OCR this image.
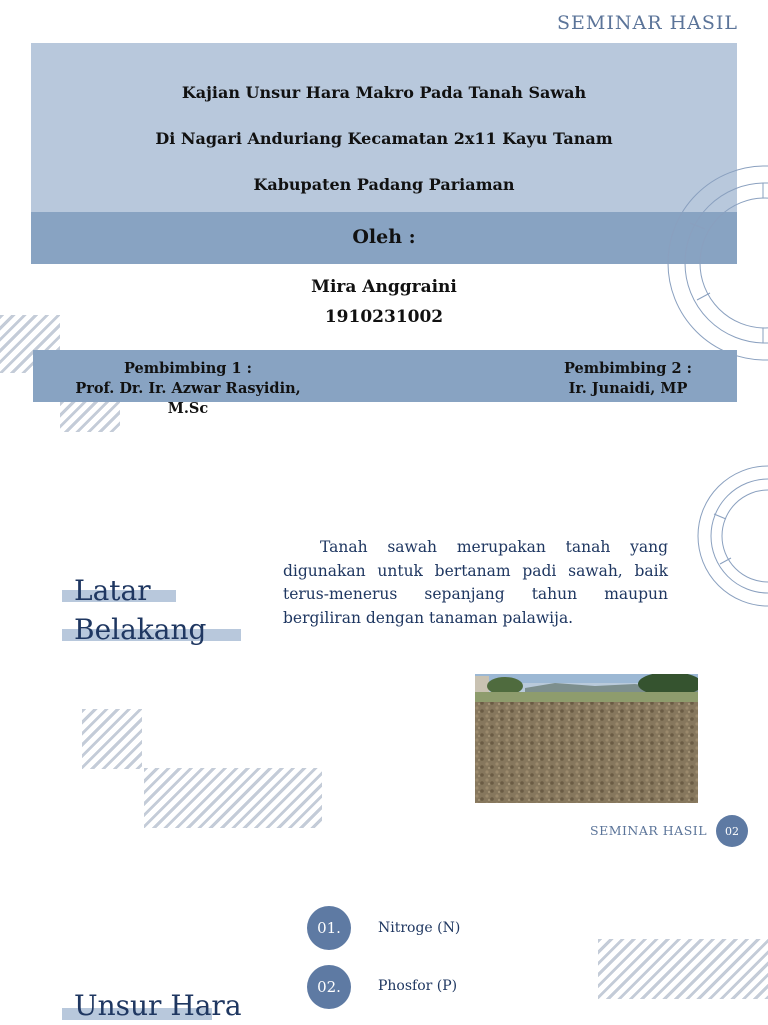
SEMINAR HASIL
Kajian Unsur Hara Makro Pada Tanah Sawah
Di Nagari Anduriang Kecamatan 2x11 Kayu Tanam
Kabupaten Padang Pariaman
Oleh :
Mira Anggraini
1910231002
Pembimbing 1 :
Prof. Dr. Ir. Azwar Rasyidin, M.Sc
Pembimbing 2 :
Ir. Junaidi, MP
Latar
Belakang
Tanah sawah merupakan tanah yang digunakan untuk bertanam padi sawah, baik terus-menerus sepanjang tahun maupun bergiliran dengan tanaman palawija.
SEMINAR HASIL	02
01.	Nitroge (N)
02.	Phosfor (P)
Unsur Hara
